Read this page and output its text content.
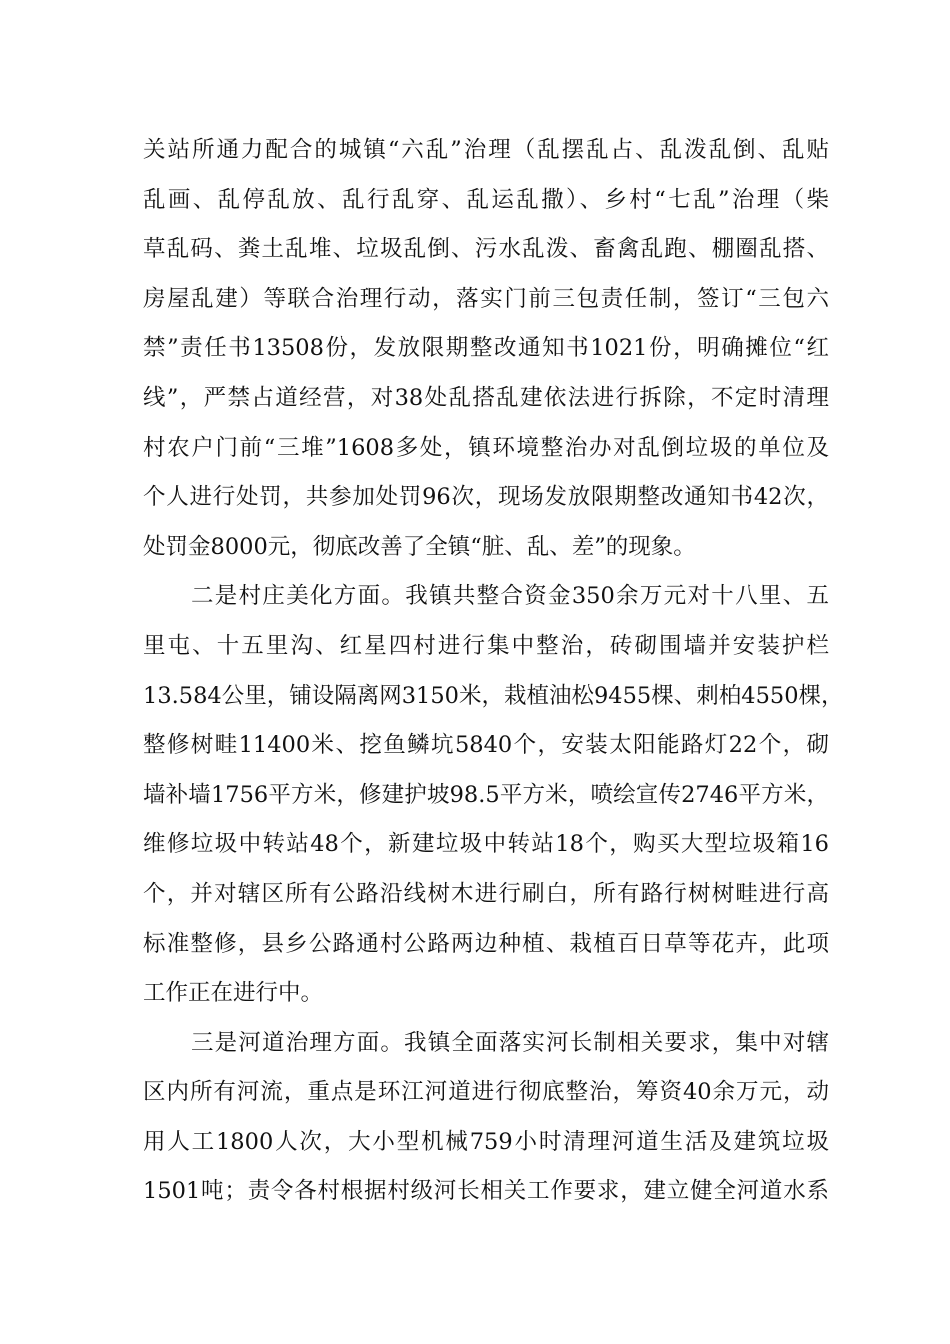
关站所通力配合的城镇“六乱”治理（乱摆乱占、乱泼乱倒、乱贴
乱画、乱停乱放、乱行乱穿、乱运乱撒）、乡村“七乱”治理（柴
草乱码、粪土乱堆、垃圾乱倒、污水乱泼、畜禽乱跑、棚圈乱搭、
房屋乱建）等联合治理行动，落实门前三包责任制，签订“三包六
禁”责任书13508份，发放限期整改通知书1021份，明确摊位“红
线”，严禁占道经营，对38处乱搭乱建依法进行拆除，不定时清理
村农户门前“三堆”1608多处，镇环境整治办对乱倒垃圾的单位及
个人进行处罚，共参加处罚96次，现场发放限期整改通知书42次，
处罚金8000元，彻底改善了全镇“脏、乱、差”的现象。
二是村庄美化方面。我镇共整合资金350余万元对十八里、五
里屯、十五里沟、红星四村进行集中整治，砖砌围墙并安装护栏
13.584公里，铺设隔离网3150米，栽植油松9455棵、刺柏4550棵，
整修树畦11400米、挖鱼鳞坑5840个，安装太阳能路灯22个，砌
墙补墙1756平方米，修建护坡98.5平方米，喷绘宣传2746平方米，
维修垃圾中转站48个，新建垃圾中转站18个，购买大型垃圾箱16
个，并对辖区所有公路沿线树木进行刷白，所有路行树树畦进行高
标准整修，县乡公路通村公路两边种植、栽植百日草等花卉，此项
工作正在进行中。
三是河道治理方面。我镇全面落实河长制相关要求，集中对辖
区内所有河流，重点是环江河道进行彻底整治，筹资40余万元，动
用人工1800人次，大小型机械759小时清理河道生活及建筑垃圾
1501吨；责令各村根据村级河长相关工作要求，建立健全河道水系
